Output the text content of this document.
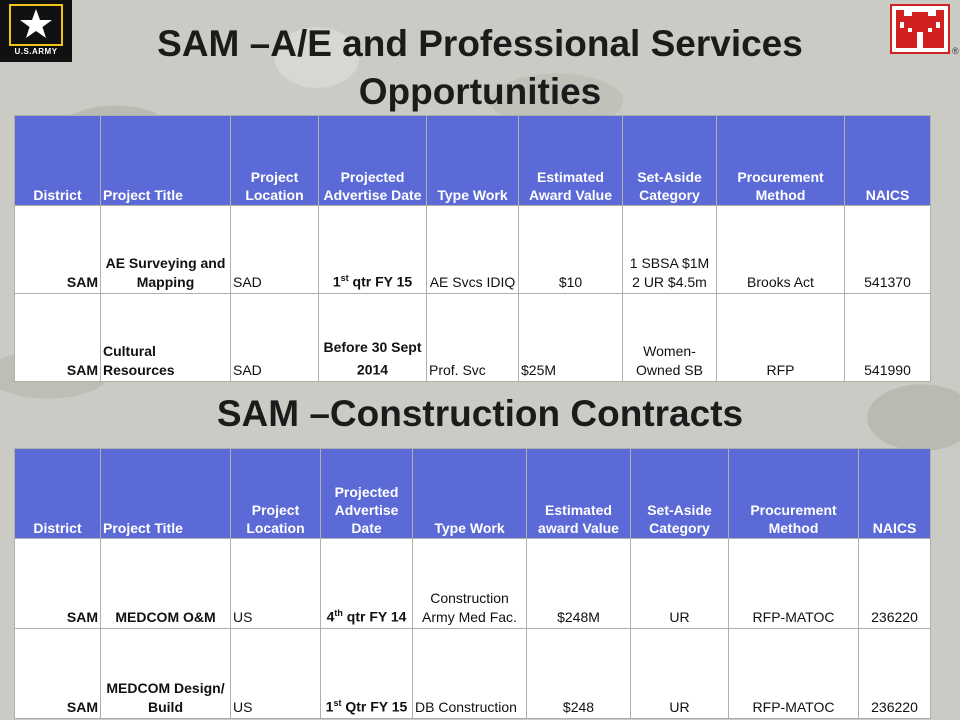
U.S.ARMY	®
SAM –A/E and Professional Services Opportunities
District	Project Title	Project Location	Projected Advertise Date	Type Work	Estimated Award Value	Set-Aside Category	Procurement Method	NAICS
SAM	AE Surveying and Mapping	SAD	1st qtr FY 15	AE Svcs IDIQ	$10	1 SBSA $1M 2 UR $4.5m	Brooks Act	541370
SAM	Cultural Resources	SAD	Before 30 Sept 2014	Prof. Svc	$25M	Women- Owned SB	RFP	541990
SAM –Construction Contracts
District	Project Title	Project Location	Projected Advertise Date	Type Work	Estimated award Value	Set-Aside Category	Procurement Method	NAICS
SAM	MEDCOM O&M	US	4th qtr FY 14	Construction Army Med Fac.	$248M	UR	RFP-MATOC	236220
SAM	MEDCOM Design/ Build	US	1st Qtr FY 15	DB Construction	$248	UR	RFP-MATOC	236220
